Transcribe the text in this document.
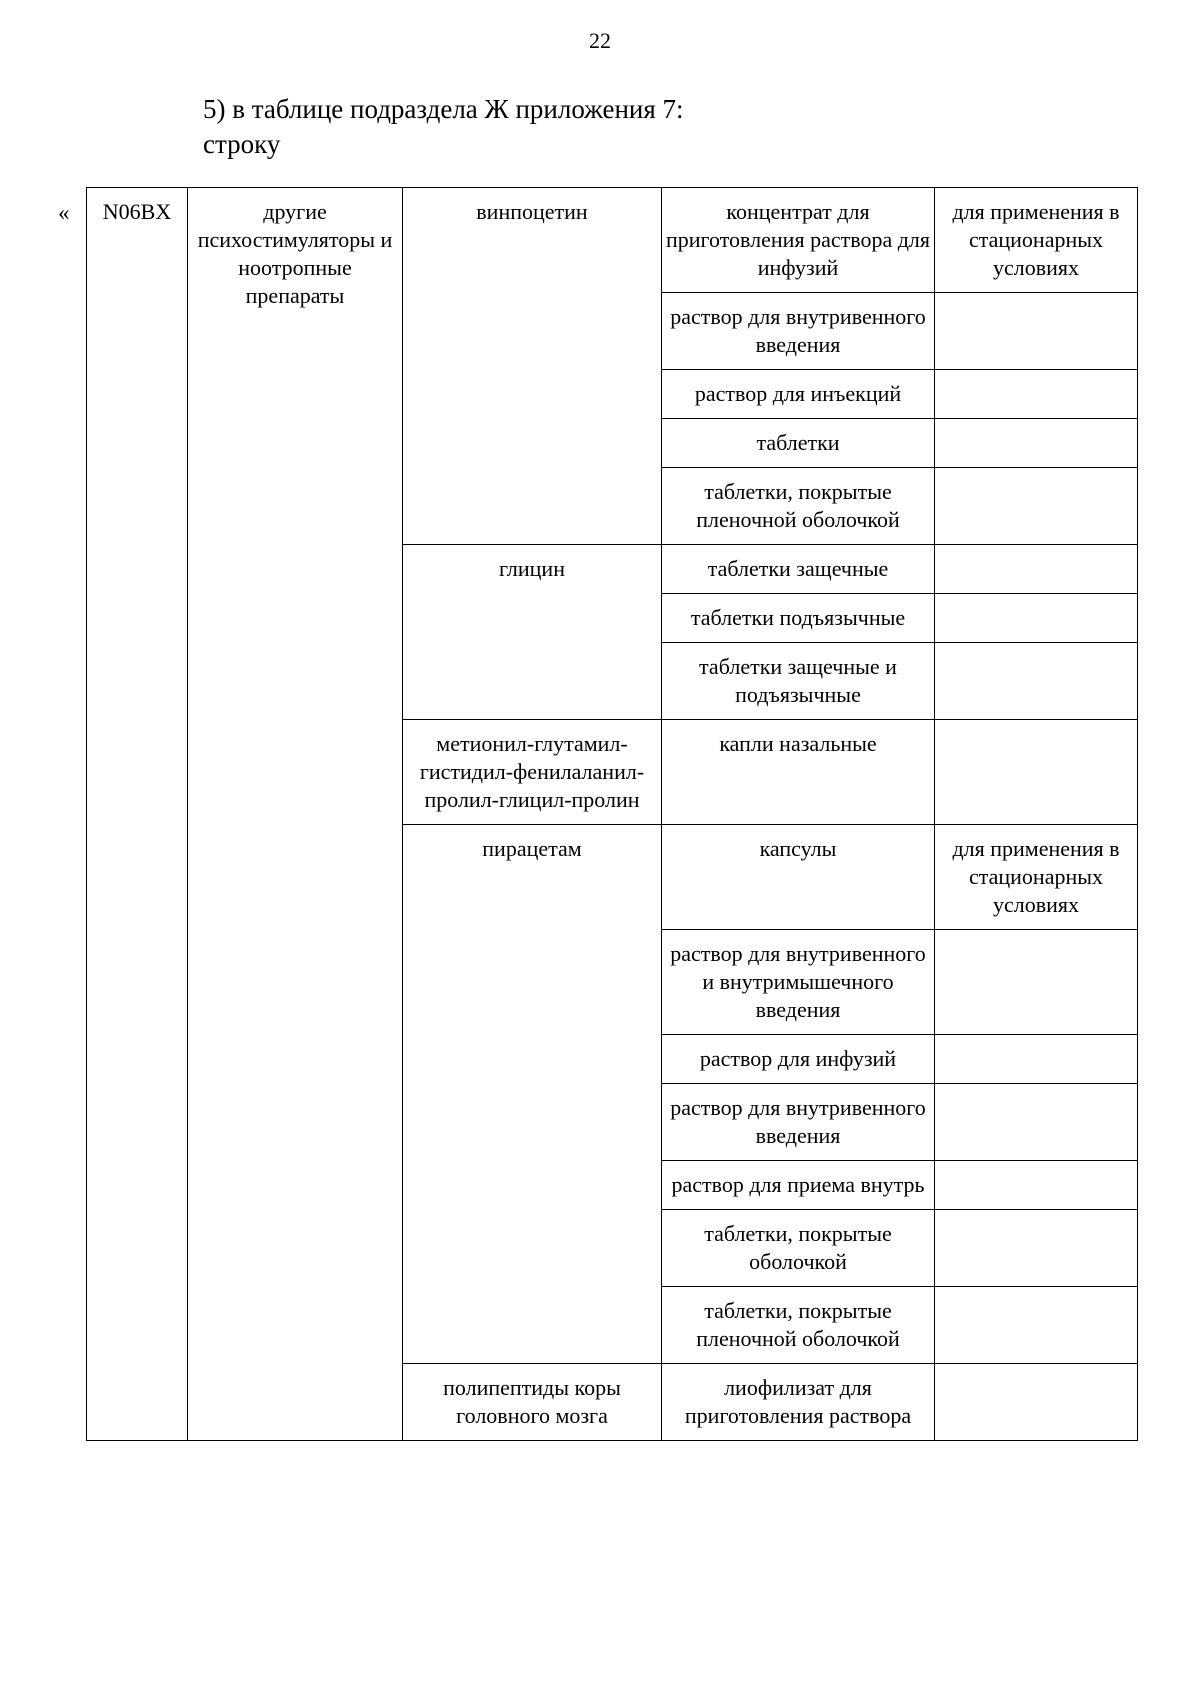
22
5) в таблице подраздела Ж приложения 7:
строку
« N06BX	другие психостимуляторы и ноотропные препараты	винпоцетин	концентрат для приготовления раствора для инфузий	для применения в стационарных условиях
			раствор для внутривенного введения	
			раствор для инъекций	
			таблетки	
			таблетки, покрытые пленочной оболочкой	
		глицин	таблетки защечные	
			таблетки подъязычные	
			таблетки защечные и подъязычные	
		метионил-глутамил-гистидил-фенилаланил-пролил-глицил-пролин	капли назальные	
		пирацетам	капсулы	для применения в стационарных условиях
			раствор для внутривенного и внутримышечного введения	
			раствор для инфузий	
			раствор для внутривенного введения	
			раствор для приема внутрь	
			таблетки, покрытые оболочкой	
			таблетки, покрытые пленочной оболочкой	
		полипептиды коры головного мозга	лиофилизат для приготовления раствора	
